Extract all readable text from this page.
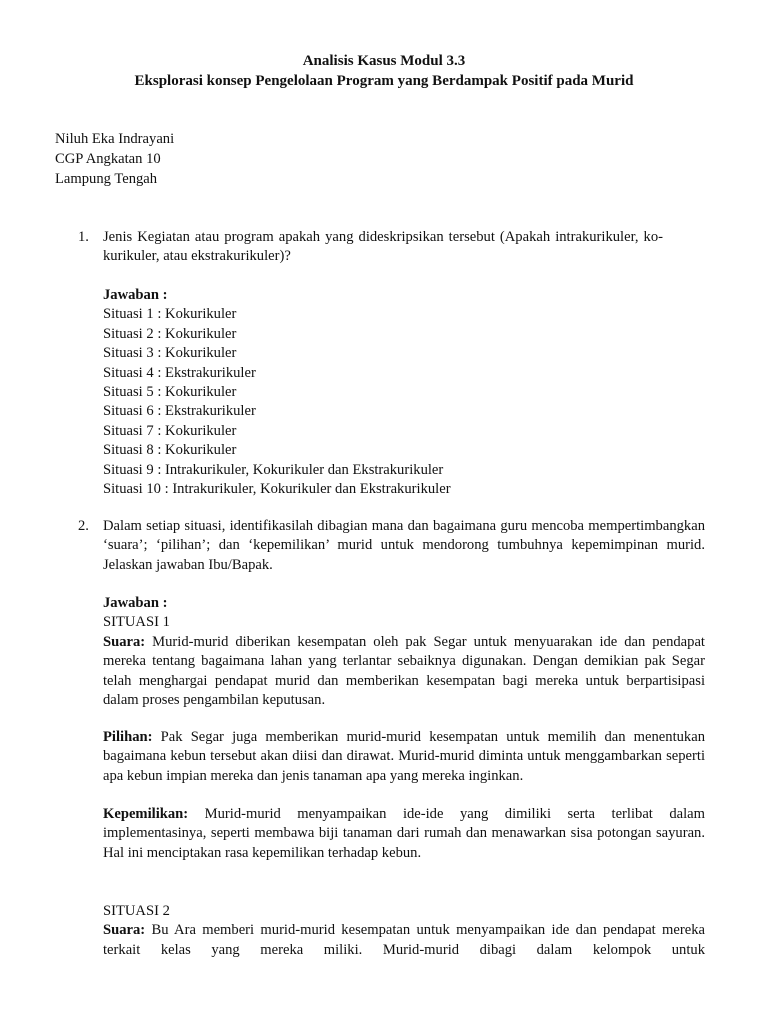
Analisis Kasus Modul 3.3
Eksplorasi konsep Pengelolaan Program yang Berdampak Positif pada Murid
Niluh Eka Indrayani
CGP Angkatan 10
Lampung Tengah
1. Jenis Kegiatan atau program apakah yang dideskripsikan tersebut (Apakah intrakurikuler, ko-kurikuler, atau ekstrakurikuler)?
Jawaban :
Situasi 1 : Kokurikuler
Situasi 2 : Kokurikuler
Situasi 3 : Kokurikuler
Situasi 4 : Ekstrakurikuler
Situasi 5 : Kokurikuler
Situasi 6 : Ekstrakurikuler
Situasi 7 : Kokurikuler
Situasi 8 : Kokurikuler
Situasi 9 : Intrakurikuler, Kokurikuler dan Ekstrakurikuler
Situasi 10 : Intrakurikuler, Kokurikuler dan Ekstrakurikuler
2. Dalam setiap situasi, identifikasilah dibagian mana dan bagaimana guru mencoba mempertimbangkan ‘suara’; ‘pilihan’; dan ‘kepemilikan’ murid untuk mendorong tumbuhnya kepemimpinan murid. Jelaskan jawaban Ibu/Bapak.
Jawaban :
SITUASI 1
Suara: Murid-murid diberikan kesempatan oleh pak Segar untuk menyuarakan ide dan pendapat mereka tentang bagaimana lahan yang terlantar sebaiknya digunakan. Dengan demikian pak Segar telah menghargai pendapat murid dan memberikan kesempatan bagi mereka untuk berpartisipasi dalam proses pengambilan keputusan.
Pilihan: Pak Segar juga memberikan murid-murid kesempatan untuk memilih dan menentukan bagaimana kebun tersebut akan diisi dan dirawat. Murid-murid diminta untuk menggambarkan seperti apa kebun impian mereka dan jenis tanaman apa yang mereka inginkan.
Kepemilikan: Murid-murid menyampaikan ide-ide yang dimiliki serta terlibat dalam implementasinya, seperti membawa biji tanaman dari rumah dan menawarkan sisa potongan sayuran. Hal ini menciptakan rasa kepemilikan terhadap kebun.
SITUASI 2
Suara: Bu Ara memberi murid-murid kesempatan untuk menyampaikan ide dan pendapat mereka terkait kelas yang mereka miliki. Murid-murid dibagi dalam kelompok untuk
